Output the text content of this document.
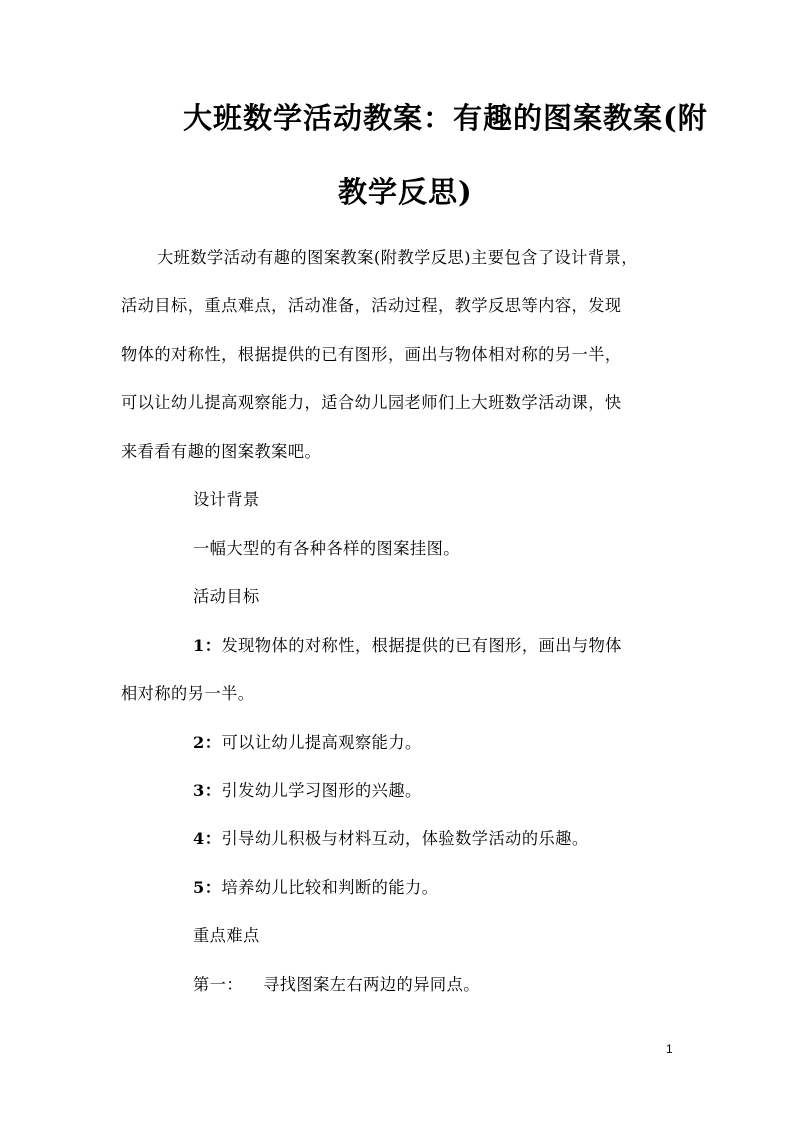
大班数学活动教案：有趣的图案教案(附
教学反思)
大班数学活动有趣的图案教案(附教学反思)主要包含了设计背景，
活动目标，重点难点，活动准备，活动过程，教学反思等内容，发现
物体的对称性，根据提供的已有图形，画出与物体相对称的另一半，
可以让幼儿提高观察能力，适合幼儿园老师们上大班数学活动课，快
来看看有趣的图案教案吧。
设计背景
一幅大型的有各种各样的图案挂图。
活动目标
1：发现物体的对称性，根据提供的已有图形，画出与物体
相对称的另一半。
2：可以让幼儿提高观察能力。
3：引发幼儿学习图形的兴趣。
4：引导幼儿积极与材料互动，体验数学活动的乐趣。
5：培养幼儿比较和判断的能力。
重点难点
第一： 寻找图案左右两边的异同点。
1
